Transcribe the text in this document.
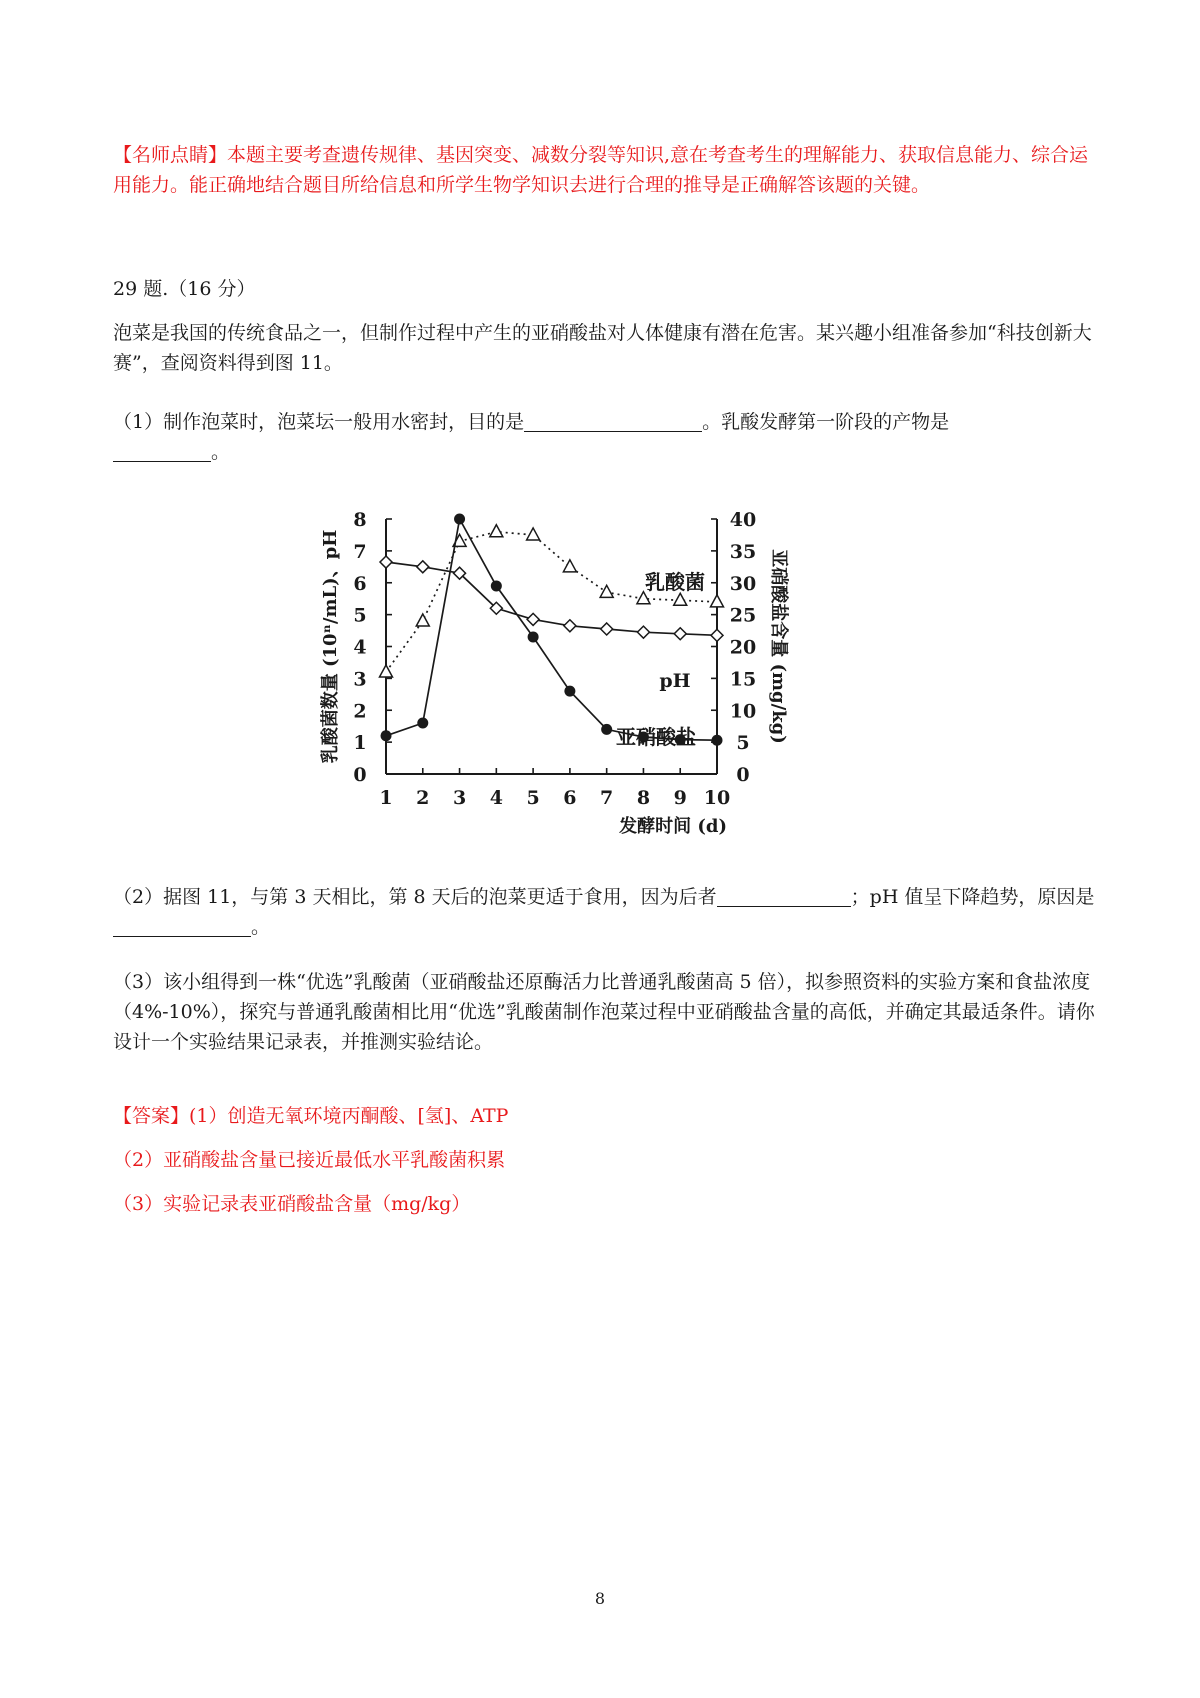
【名师点睛】本题主要考查遗传规律、基因突变、减数分裂等知识,意在考查考生的理解能力、获取信息能力、综合运用能力。能正确地结合题目所给信息和所学生物学知识去进行合理的推导是正确解答该题的关键。

29 题.（16 分）

泡菜是我国的传统食品之一，但制作过程中产生的亚硝酸盐对人体健康有潜在危害。某兴趣小组准备参加“科技创新大赛”，查阅资料得到图 11。

（1）制作泡菜时，泡菜坛一般用水密封，目的是	。乳酸发酵第一阶段的产物是
。

0
1
2
3
4
5
6
7
8
0
5
10
15
20
25
30
35
40
1 2 3 4 5 6 7 8 9 10
发酵时间 (d)
乳酸菌数量 (10ⁿ/mL)、pH	亚硝酸盐含量 (mg/kg)
乳酸菌
pH
亚硝酸盐

（2）据图 11，与第 3 天相比，第 8 天后的泡菜更适于食用，因为后者	；pH 值呈下降趋势，原因是。

（3）该小组得到一株“优选”乳酸菌（亚硝酸盐还原酶活力比普通乳酸菌高 5 倍），拟参照资料的实验方案和食盐浓度（4%-10%），探究与普通乳酸菌相比用“优选”乳酸菌制作泡菜过程中亚硝酸盐含量的高低，并确定其最适条件。请你设计一个实验结果记录表，并推测实验结论。

【答案】(1）创造无氧环境丙酮酸、[氢]、ATP

（2）亚硝酸盐含量已接近最低水平乳酸菌积累

（3）实验记录表亚硝酸盐含量（mg/kg）

8
